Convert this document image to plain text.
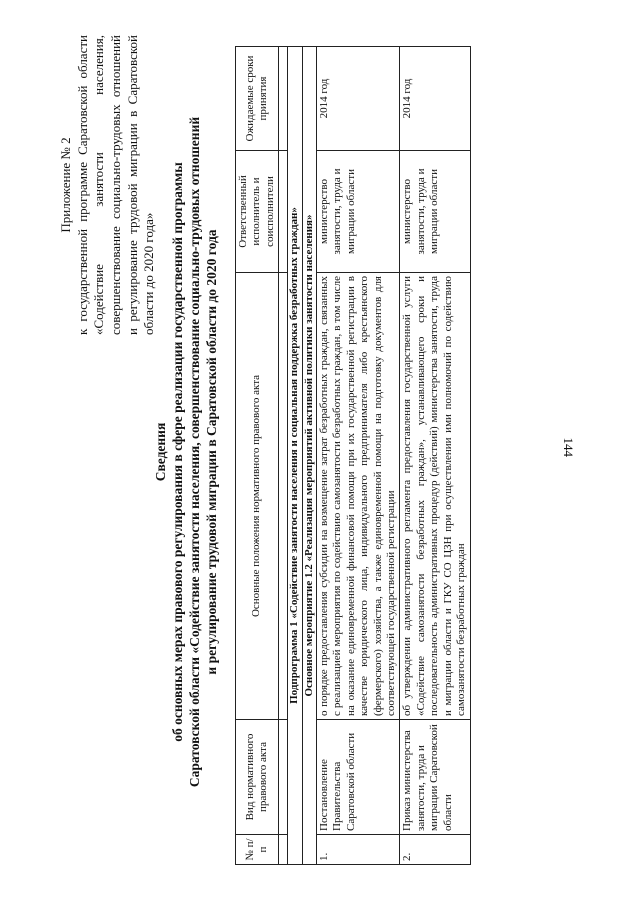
144
Приложение № 2 к государственной программе Саратовской области «Содействие занятости населения, совершенствование социально-трудовых отношений и регулирование трудовой миграции в Саратовской области до 2020 года»
Сведения об основных мерах правового регулирования в сфере реализации государственной программы Саратовской области «Содействие занятости населения, совершенствование социально-трудовых отношений и регулирование трудовой миграции в Саратовской области до 2020 года
№ п/п	Вид нормативного правового акта	Основные положения нормативного правового акта	Ответственный исполнитель и соисполнители	Ожидаемые сроки принятия

Подпрограмма 1 «Содействие занятости населения и социальная поддержка безработных граждан»				
Основное мероприятие 1.2 «Реализация мероприятий активной политики занятости населения»				
1.	Постановление Правительства Саратовской области	о порядке предоставления субсидии на возмещение затрат безработных граждан, связанных с реализацией мероприятия по содействию самозанятости безработных граждан, в том числе на оказание единовременной финансовой помощи при их государственной регистрации в качестве юридического лица, индивидуального предпринимателя либо крестьянского (фермерского) хозяйства, а также единовременной помощи на подготовку документов для соответствующей государственной регистрации	министерство занятости, труда и миграции области	2014 год
2.	Приказ министерства занятости, труда и миграции Саратовской области	об утверждении административного регламента предоставления государственной услуги «Содействие самозанятости безработных граждан», устанавливающего сроки и последовательность административных процедур (действий) министерства занятости, труда и миграции области и ГКУ СО ЦЗН при осуществлении ими полномочий по содействию самозанятости безработных граждан	министерство занятости, труда и миграции области	2014 год
